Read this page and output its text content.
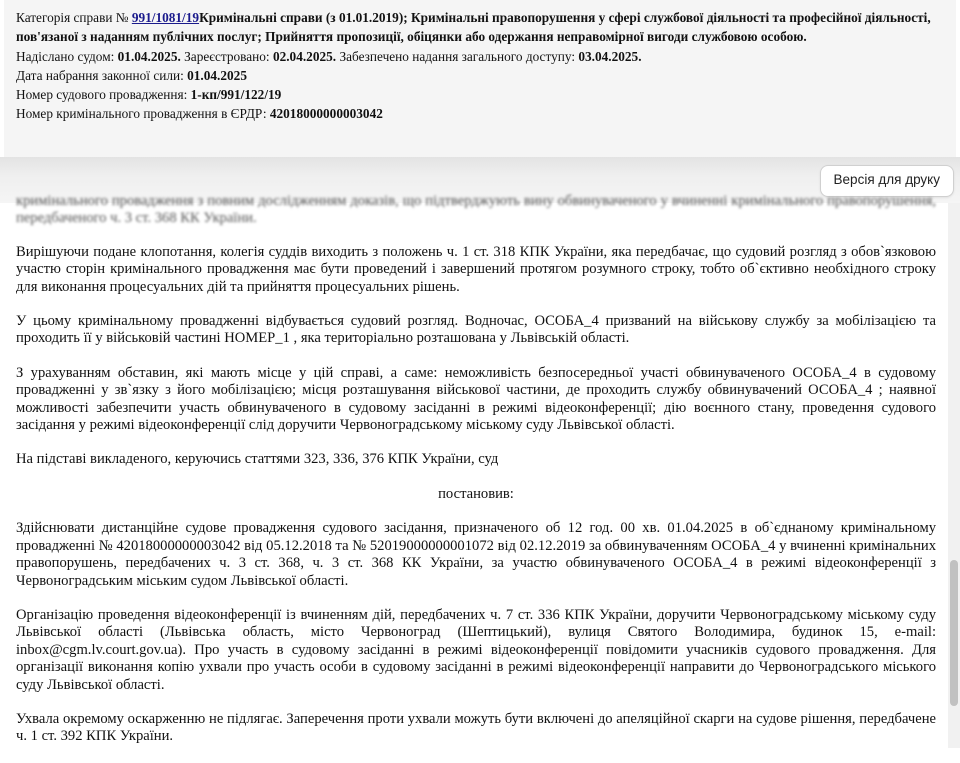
Категорія справи № 991/1081/19Кримінальні справи (з 01.01.2019); Кримінальні правопорушення у сфері службової діяльності та професійної діяльності, пов'язаної з наданням публічних послуг; Прийняття пропозиції, обіцянки або одержання неправомірної вигоди службовою особою.
Надіслано судом: 01.04.2025. Зареєстровано: 02.04.2025. Забезпечено надання загального доступу: 03.04.2025.
Дата набрання законної сили: 01.04.2025
Номер судового провадження: 1-кп/991/122/19
Номер кримінального провадження в ЄРДР: 42018000000003042
Версія для друку

кримінального провадження з повним дослідженням доказів, що підтверджують вину обвинуваченого у вчиненні кримінального правопорушення, передбаченого ч. 3 ст. 368 КК України.

Вирішуючи подане клопотання, колегія суддів виходить з положень ч. 1 ст. 318 КПК України, яка передбачає, що судовий розгляд з обов`язковою участю сторін кримінального провадження має бути проведений і завершений протягом розумного строку, тобто об`єктивно необхідного строку для виконання процесуальних дій та прийняття процесуальних рішень.

У цьому кримінальному провадженні відбувається судовий розгляд. Водночас, ОСОБА_4 призваний на військову службу за мобілізацією та проходить її у військовій частині НОМЕР_1 , яка територіально розташована у Львівській області.

З урахуванням обставин, які мають місце у цій справі, а саме: неможливість безпосередньої участі обвинуваченого ОСОБА_4 в судовому провадженні у зв`язку з його мобілізацією; місця розташування військової частини, де проходить службу обвинувачений ОСОБА_4 ; наявної можливості забезпечити участь обвинуваченого в судовому засіданні в режимі відеоконференції; дію воєнного стану, проведення судового засідання у режимі відеоконференції слід доручити Червоноградському міському суду Львівської області.

На підставі викладеного, керуючись статтями 323, 336, 376 КПК України, суд

постановив:

Здійснювати дистанційне судове провадження судового засідання, призначеного об 12 год. 00 хв. 01.04.2025 в об`єднаному кримінальному провадженні № 42018000000003042 від 05.12.2018 та № 52019000000001072 від 02.12.2019 за обвинуваченням ОСОБА_4 у вчиненні кримінальних правопорушень, передбачених ч. 3 ст. 368, ч. 3 ст. 368 КК України, за участю обвинуваченого ОСОБА_4 в режимі відеоконференції з Червоноградським міським судом Львівської області.

Організацію проведення відеоконференції із вчиненням дій, передбачених ч. 7 ст. 336 КПК України, доручити Червоноградському міському суду Львівської області (Львівська область, місто Червоноград (Шептицький), вулиця Святого Володимира, будинок 15, e-mail: inbox@cgm.lv.court.gov.ua). Про участь в судовому засіданні в режимі відеоконференції повідомити учасників судового провадження. Для організації виконання копію ухвали про участь особи в судовому засіданні в режимі відеоконференції направити до Червоноградського міського суду Львівської області.

Ухвала окремому оскарженню не підлягає. Заперечення проти ухвали можуть бути включені до апеляційної скарги на судове рішення, передбачене ч. 1 ст. 392 КПК України.
